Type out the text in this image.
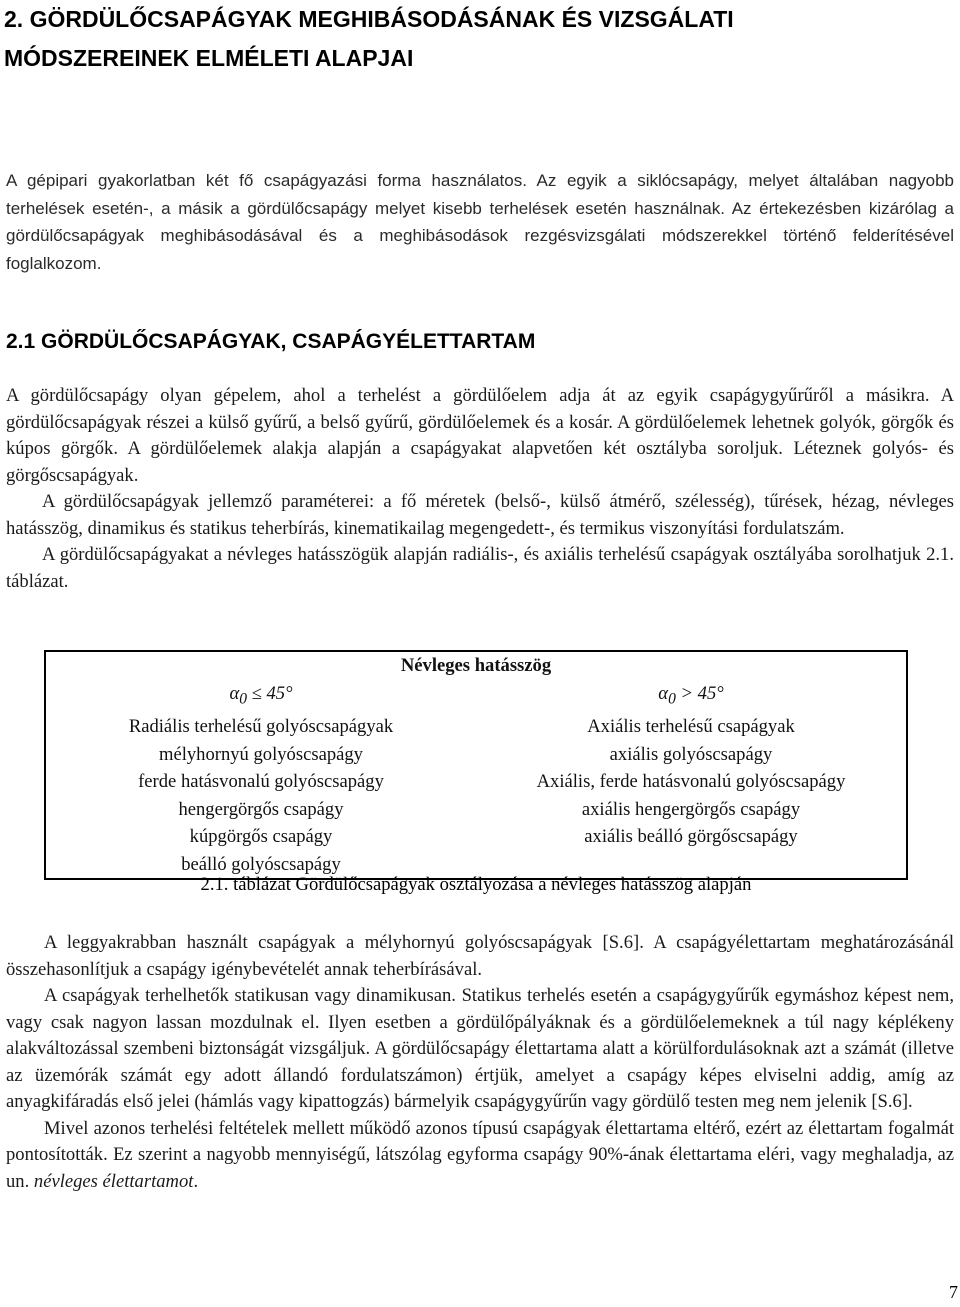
2. GÖRDÜLŐCSAPÁGYAK MEGHIBÁSODÁSÁNAK ÉS VIZSGÁLATI
MÓDSZEREINEK ELMÉLETI ALAPJAI

A gépipari gyakorlatban két fő csapágyazási forma használatos. Az egyik a siklócsapágy, melyet általában nagyobb terhelések esetén-, a másik a gördülőcsapágy melyet kisebb terhelések esetén használnak. Az értekezésben kizárólag a gördülőcsapágyak meghibásodásával és a meghibásodások rezgésvizsgálati módszerekkel történő felderítésével foglalkozom.

2.1 GÖRDÜLŐCSAPÁGYAK, CSAPÁGYÉLETTARTAM

A gördülőcsapágy olyan gépelem, ahol a terhelést a gördülőelem adja át az egyik csapágygyűrűről a másikra. A gördülőcsapágyak részei a külső gyűrű, a belső gyűrű, gördülőelemek és a kosár. A gördülőelemek lehetnek golyók, görgők és kúpos görgők. A gördülőelemek alakja alapján a csapágyakat alapvetően két osztályba soroljuk. Léteznek golyós- és görgőscsapágyak.

A gördülőcsapágyak jellemző paraméterei: a fő méretek (belső-, külső átmérő, szélesség), tűrések, hézag, névleges hatásszög, dinamikus és statikus teherbírás, kinematikailag megengedett-, és termikus viszonyítási fordulatszám.

A gördülőcsapágyakat a névleges hatásszögük alapján radiális-, és axiális terhelésű csapágyak osztályába sorolhatjuk 2.1. táblázat.

Névleges hatásszög	
$\alpha_0 \le 45^\circ$	$\alpha_0 > 45^\circ$
Radiális terhelésű golyóscsapágyak	Axiális terhelésű csapágyak
mélyhornyú golyóscsapágy	axiális golyóscsapágy
ferde hatásvonalú golyóscsapágy	Axiális, ferde hatásvonalú golyóscsapágy
hengergörgős csapágy	axiális hengergörgős csapágy
kúpgörgős csapágy	axiális beálló görgőscsapágy
beálló golyóscsapágy	

2.1. táblázat Gördülőcsapágyak osztályozása a névleges hatásszög alapján

A leggyakrabban használt csapágyak a mélyhornyú golyóscsapágyak [S.6]. A csapágyélettartam meghatározásánál összehasonlítjuk a csapágy igénybevételét annak teherbírásával.

A csapágyak terhelhetők statikusan vagy dinamikusan. Statikus terhelés esetén a csapágygyűrűk egymáshoz képest nem, vagy csak nagyon lassan mozdulnak el. Ilyen esetben a gördülőpályáknak és a gördülőelemeknek a túl nagy képlékeny alakváltozással szembeni biztonságát vizsgáljuk. A gördülőcsapágy élettartama alatt a körülfordulásoknak azt a számát (illetve az üzemórák számát egy adott állandó fordulatszámon) értjük, amelyet a csapágy képes elviselni addig, amíg az anyagkifáradás első jelei (hámlás vagy kipattogzás) bármelyik csapágygyűrűn vagy gördülő testen meg nem jelenik [S.6].

Mivel azonos terhelési feltételek mellett működő azonos típusú csapágyak élettartama eltérő, ezért az élettartam fogalmát pontosították. Ez szerint a nagyobb mennyiségű, látszólag egyforma csapágy 90%-ának élettartama eléri, vagy meghaladja, az un. névleges élettartamot.

7
